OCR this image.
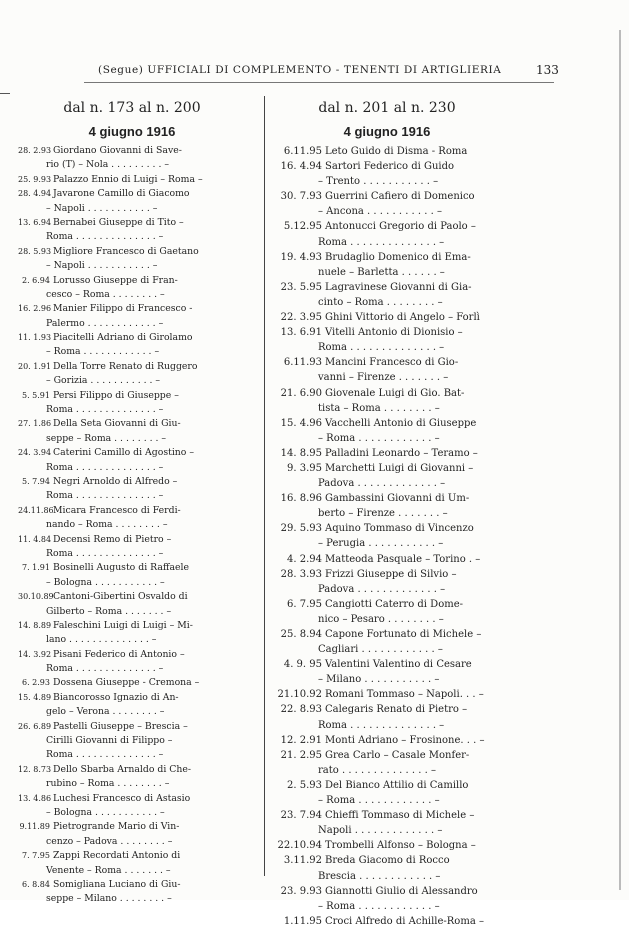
(Segue) UFFICIALI DI COMPLEMENTO - TENENTI DI ARTIGLIERIA	133
dal n. 173 al n. 200
4 giugno 1916
28. 2.93 Giordano Giovanni di Save-
rio (T) – Nola . . . . . . . . . –
25. 9.93 Palazzo Ennio di Luigi – Roma –
28. 4.94 Javarone Camillo di Giacomo
– Napoli . . . . . . . . . . . –
13. 6.94 Bernabei Giuseppe di Tito –
Roma . . . . . . . . . . . . . . –
28. 5.93 Migliore Francesco di Gaetano
– Napoli . . . . . . . . . . . –
2. 6.94 Lorusso Giuseppe di Fran-
cesco – Roma . . . . . . . . –
16. 2.96 Manier Filippo di Francesco -
Palermo . . . . . . . . . . . . –
11. 1.93 Piacitelli Adriano di Girolamo
– Roma . . . . . . . . . . . . –
20. 1.91 Della Torre Renato di Ruggero
– Gorizia . . . . . . . . . . . –
5. 5.91 Persi Filippo di Giuseppe –
Roma . . . . . . . . . . . . . . –
27. 1.86 Della Seta Giovanni di Giu-
seppe – Roma . . . . . . . . –
24. 3.94 Caterini Camillo di Agostino –
Roma . . . . . . . . . . . . . . –
5. 7.94 Negri Arnoldo di Alfredo –
Roma . . . . . . . . . . . . . . –
24.11.86Micara Francesco di Ferdi-
nando – Roma . . . . . . . . –
11. 4.84 Decensi Remo di Pietro –
Roma . . . . . . . . . . . . . . –
7. 1.91 Bosinelli Augusto di Raffaele
– Bologna . . . . . . . . . . . –
30.10.89Cantoni-Gibertini Osvaldo di
Gilberto – Roma . . . . . . . –
14. 8.89 Faleschini Luigi di Luigi – Mi-
lano . . . . . . . . . . . . . . –
14. 3.92 Pisani Federico di Antonio –
Roma . . . . . . . . . . . . . . –
6. 2.93 Dossena Giuseppe - Cremona –
15. 4.89 Biancorosso Ignazio di An-
gelo – Verona . . . . . . . . –
26. 6.89 Pastelli Giuseppe – Brescia –
Cirilli Giovanni di Filippo –
Roma . . . . . . . . . . . . . . –
12. 8.73 Dello Sbarba Arnaldo di Che-
rubino – Roma . . . . . . . . –
13. 4.86 Luchesi Francesco di Astasio
– Bologna . . . . . . . . . . . –
9.11.89 Pietrogrande Mario di Vin-
cenzo – Padova . . . . . . . . –
7. 7.95 Zappi Recordati Antonio di
Venente – Roma . . . . . . . –
6. 8.84 Somigliana Luciano di Giu-
seppe – Milano . . . . . . . . –
dal n. 201 al n. 230
4 giugno 1916
6.11.95 Leto Guido di Disma - Roma
16. 4.94 Sartori Federico di Guido
– Trento . . . . . . . . . . . –
30. 7.93 Guerrini Cafiero di Domenico
– Ancona . . . . . . . . . . . –
5.12.95 Antonucci Gregorio di Paolo –
Roma . . . . . . . . . . . . . . –
19. 4.93 Brudaglio Domenico di Ema-
nuele – Barletta . . . . . . –
23. 5.95 Lagravinese Giovanni di Gia-
cinto – Roma . . . . . . . . –
22. 3.95 Ghini Vittorio di Angelo – Forlì
13. 6.91 Vitelli Antonio di Dionisio –
Roma . . . . . . . . . . . . . . –
6.11.93 Mancini Francesco di Gio-
vanni – Firenze . . . . . . . –
21. 6.90 Giovenale Luigi di Gio. Bat-
tista – Roma . . . . . . . . –
15. 4.96 Vacchelli Antonio di Giuseppe
– Roma . . . . . . . . . . . . –
14. 8.95 Palladini Leonardo – Teramo –
9. 3.95 Marchetti Luigi di Giovanni –
Padova . . . . . . . . . . . . . –
16. 8.96 Gambassini Giovanni di Um-
berto – Firenze . . . . . . . –
29. 5.93 Aquino Tommaso di Vincenzo
– Perugia . . . . . . . . . . . –
4. 2.94 Matteoda Pasquale – Torino . –
28. 3.93 Frizzi Giuseppe di Silvio –
Padova . . . . . . . . . . . . . –
6. 7.95 Cangiotti Caterro di Dome-
nico – Pesaro . . . . . . . . –
25. 8.94 Capone Fortunato di Michele –
Cagliari . . . . . . . . . . . . –
4. 9. 95 Valentini Valentino di Cesare
– Milano . . . . . . . . . . . –
21.10.92 Romani Tommaso – Napoli. . . –
22. 8.93 Calegaris Renato di Pietro –
Roma . . . . . . . . . . . . . . –
12. 2.91 Monti Adriano – Frosinone. . . –
21. 2.95 Grea Carlo – Casale Monfer-
rato . . . . . . . . . . . . . . –
2. 5.93 Del Bianco Attilio di Camillo
– Roma . . . . . . . . . . . . –
23. 7.94 Chieffi Tommaso di Michele –
Napoli . . . . . . . . . . . . . –
22.10.94 Trombelli Alfonso – Bologna –
3.11.92 Breda Giacomo di Rocco
Brescia . . . . . . . . . . . . –
23. 9.93 Giannotti Giulio di Alessandro
– Roma . . . . . . . . . . . . –
1.11.95 Croci Alfredo di Achille-Roma –
